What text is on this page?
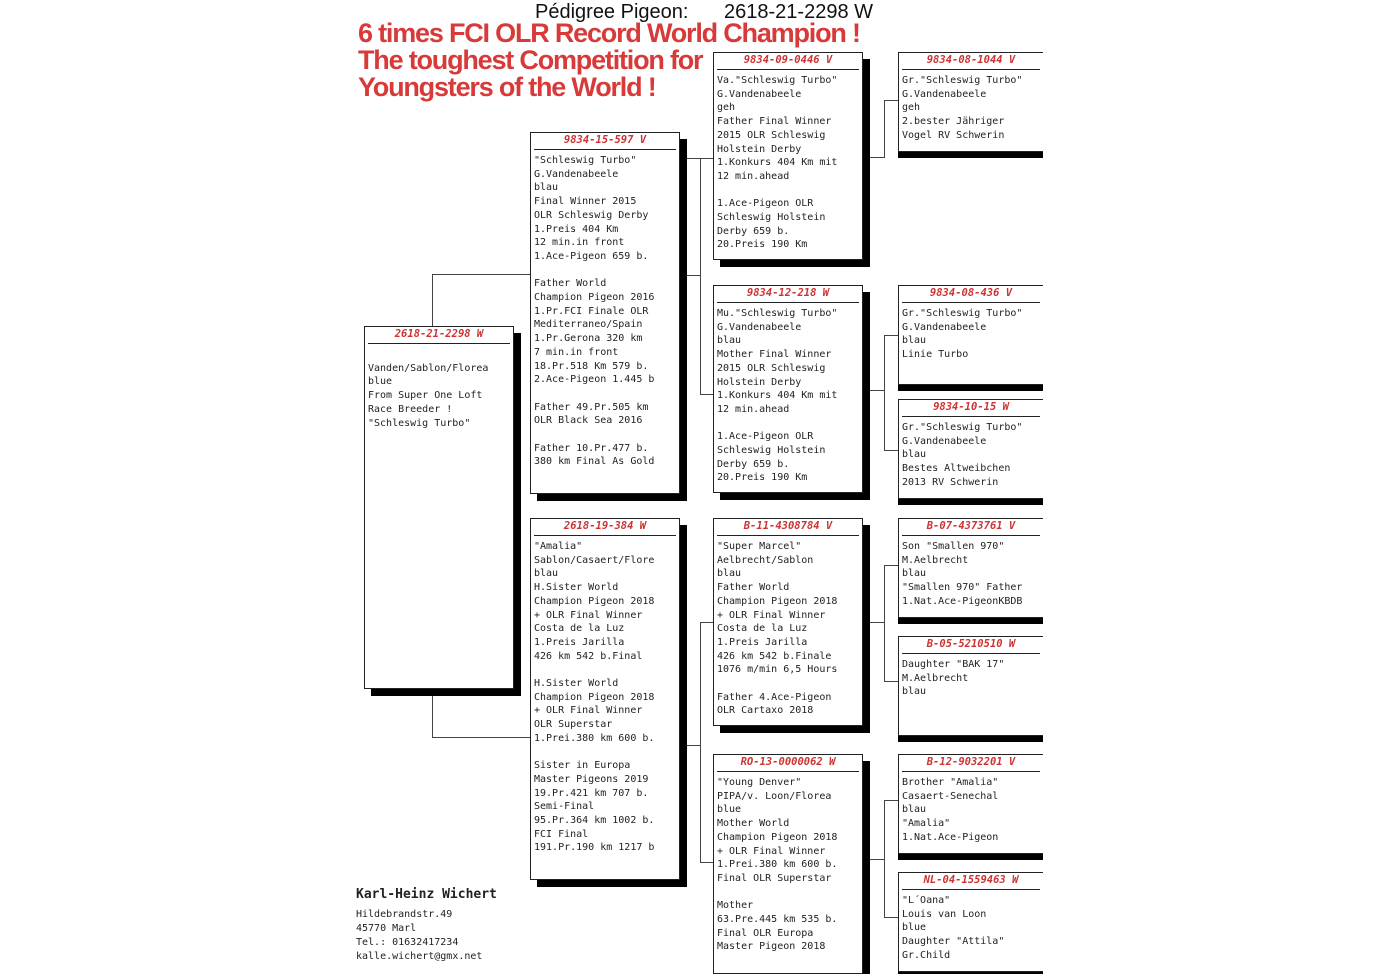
Pédigree Pigeon: 2618-21-2298 W
6 times FCI OLR Record World Champion !
The toughest Competition for
Youngsters of the World !
2618-21-2298 W

Vanden/Sablon/Florea
blue
From Super One Loft
Race Breeder !
"Schleswig Turbo"
9834-15-597 V
"Schleswig Turbo"
G.Vandenabeele
blau
Final Winner 2015
OLR Schleswig Derby
1.Preis 404 Km
12 min.in front
1.Ace-Pigeon 659 b.

Father World
Champion Pigeon 2016
1.Pr.FCI Finale OLR
Mediterraneo/Spain
1.Pr.Gerona 320 km
7 min.in front
18.Pr.518 Km 579 b.
2.Ace-Pigeon 1.445 b

Father 49.Pr.505 km
OLR Black Sea 2016

Father 10.Pr.477 b.
380 km Final As Gold
2618-19-384 W
"Amalia"
Sablon/Casaert/Flore
blau
H.Sister World
Champion Pigeon 2018
+ OLR Final Winner
Costa de la Luz
1.Preis Jarilla
426 km 542 b.Final

H.Sister World
Champion Pigeon 2018
+ OLR Final Winner
OLR Superstar
1.Prei.380 km 600 b.

Sister in Europa
Master Pigeons 2019
19.Pr.421 km 707 b.
Semi-Final
95.Pr.364 km 1002 b.
FCI Final
191.Pr.190 km 1217 b
9834-09-0446 V
Va."Schleswig Turbo"
G.Vandenabeele
geh
Father Final Winner
2015 OLR Schleswig
Holstein Derby
1.Konkurs 404 Km mit
12 min.ahead

1.Ace-Pigeon OLR
Schleswig Holstein
Derby 659 b.
20.Preis 190 Km
9834-12-218 W
Mu."Schleswig Turbo"
G.Vandenabeele
blau
Mother Final Winner
2015 OLR Schleswig
Holstein Derby
1.Konkurs 404 Km mit
12 min.ahead

1.Ace-Pigeon OLR
Schleswig Holstein
Derby 659 b.
20.Preis 190 Km
B-11-4308784 V
"Super Marcel"
Aelbrecht/Sablon
blau
Father World
Champion Pigeon 2018
+ OLR Final Winner
Costa de la Luz
1.Preis Jarilla
426 km 542 b.Finale
1076 m/min 6,5 Hours

Father 4.Ace-Pigeon
OLR Cartaxo 2018
RO-13-0000062 W
"Young Denver"
PIPA/v. Loon/Florea
blue
Mother World
Champion Pigeon 2018
+ OLR Final Winner
1.Prei.380 km 600 b.
Final OLR Superstar

Mother
63.Pre.445 km 535 b.
Final OLR Europa
Master Pigeon 2018
9834-08-1044 V
Gr."Schleswig Turbo"
G.Vandenabeele
geh
2.bester Jähriger
Vogel RV Schwerin
9834-08-436 V
Gr."Schleswig Turbo"
G.Vandenabeele
blau
Linie Turbo
9834-10-15 W
Gr."Schleswig Turbo"
G.Vandenabeele
blau
Bestes Altweibchen
2013 RV Schwerin
B-07-4373761 V
Son "Smallen 970"
M.Aelbrecht
blau
"Smallen 970" Father
1.Nat.Ace-PigeonKBDB
B-05-5210510 W
Daughter "BAK 17"
M.Aelbrecht
blau
B-12-9032201 V
Brother "Amalia"
Casaert-Senechal
blau
"Amalia"
1.Nat.Ace-Pigeon
NL-04-1559463 W
"L´Oana"
Louis van Loon
blue
Daughter "Attila"
Gr.Child
Karl-Heinz Wichert
Hildebrandstr.49
45770 Marl
Tel.: 01632417234
kalle.wichert@gmx.net
